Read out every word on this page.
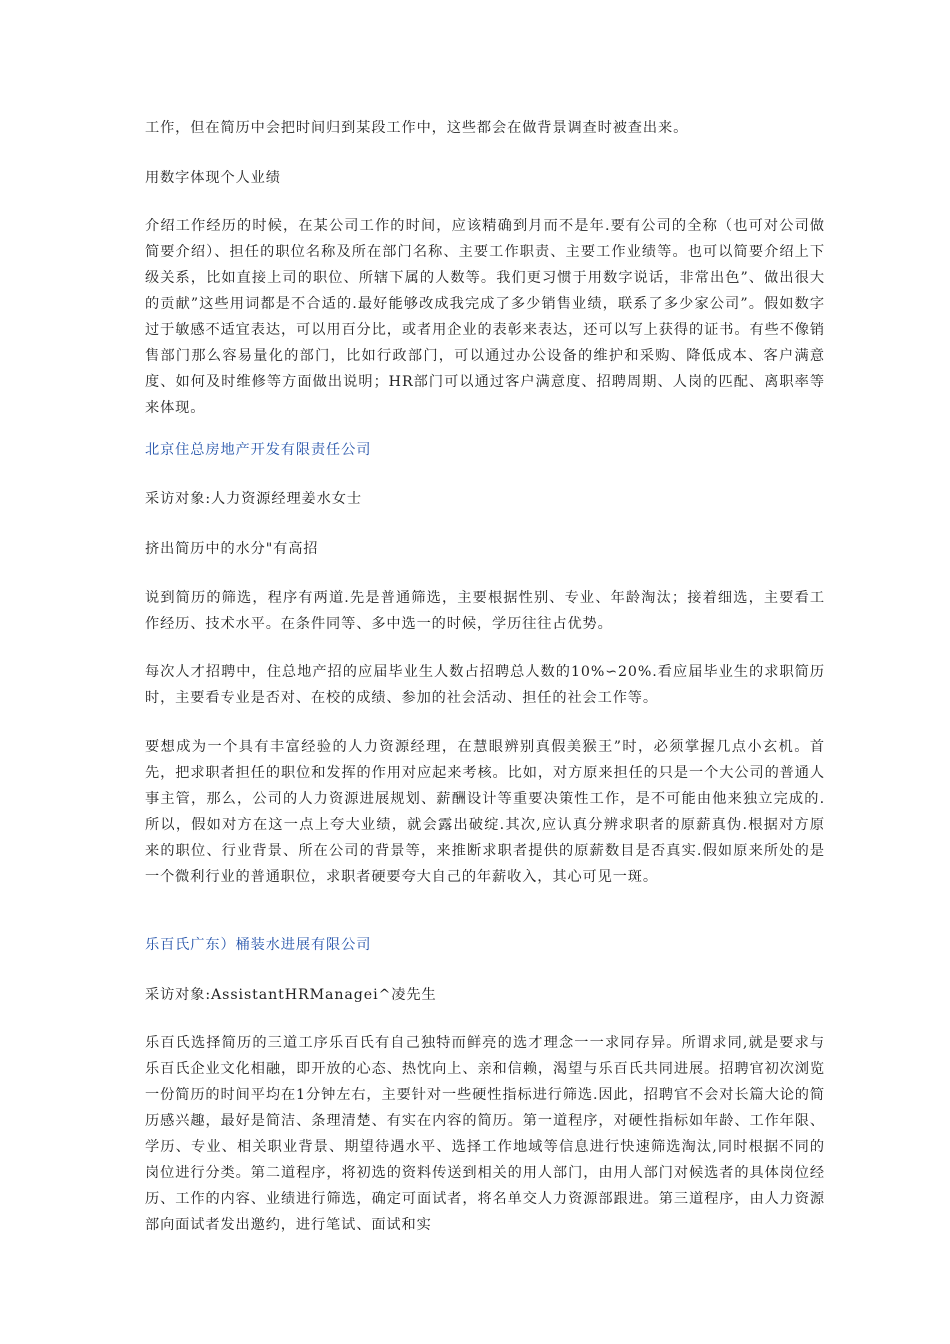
工作，但在简历中会把时间归到某段工作中，这些都会在做背景调查时被查出来。

用数字体现个人业绩

介绍工作经历的时候，在某公司工作的时间，应该精确到月而不是年.要有公司的全称（也可对公司做简要介绍）、担任的职位名称及所在部门名称、主要工作职责、主要工作业绩等。也可以简要介绍上下级关系，比如直接上司的职位、所辖下属的人数等。我们更习惯于用数字说话，非常出色”、做出很大的贡献”这些用词都是不合适的.最好能够改成我完成了多少销售业绩，联系了多少家公司”。假如数字过于敏感不适宜表达，可以用百分比，或者用企业的表彰来表达，还可以写上获得的证书。有些不像销售部门那么容易量化的部门，比如行政部门，可以通过办公设备的维护和采购、降低成本、客户满意度、如何及时维修等方面做出说明；HR部门可以通过客户满意度、招聘周期、人岗的匹配、离职率等来体现。

北京住总房地产开发有限责任公司

采访对象:人力资源经理姜水女士

挤出简历中的水分"有高招

说到简历的筛选，程序有两道.先是普通筛选，主要根据性别、专业、年龄淘汰；接着细选，主要看工作经历、技术水平。在条件同等、多中选一的时候，学历往往占优势。

每次人才招聘中，住总地产招的应届毕业生人数占招聘总人数的10%∽20%.看应届毕业生的求职简历时，主要看专业是否对、在校的成绩、参加的社会活动、担任的社会工作等。

要想成为一个具有丰富经验的人力资源经理，在慧眼辨别真假美猴王”时，必须掌握几点小玄机。首先，把求职者担任的职位和发挥的作用对应起来考核。比如，对方原来担任的只是一个大公司的普通人事主管，那么，公司的人力资源进展规划、薪酬设计等重要决策性工作，是不可能由他来独立完成的.所以，假如对方在这一点上夸大业绩，就会露出破绽.其次,应认真分辨求职者的原薪真伪.根据对方原来的职位、行业背景、所在公司的背景等，来推断求职者提供的原薪数目是否真实.假如原来所处的是一个微利行业的普通职位，求职者硬要夸大自己的年薪收入，其心可见一斑。

乐百氏广东）桶装水进展有限公司

采访对象:AssistantHRManagei^凌先生

乐百氏选择简历的三道工序乐百氏有自己独特而鲜亮的选才理念一一求同存异。所谓求同,就是要求与乐百氏企业文化相融，即开放的心态、热忱向上、亲和信赖，渴望与乐百氏共同进展。招聘官初次浏览一份简历的时间平均在1分钟左右，主要针对一些硬性指标进行筛选.因此，招聘官不会对长篇大论的简历感兴趣，最好是简洁、条理清楚、有实在内容的简历。第一道程序，对硬性指标如年龄、工作年限、学历、专业、相关职业背景、期望待遇水平、选择工作地域等信息进行快速筛选淘汰,同时根据不同的岗位进行分类。第二道程序，将初选的资料传送到相关的用人部门，由用人部门对候选者的具体岗位经历、工作的内容、业绩进行筛选，确定可面试者，将名单交人力资源部跟进。第三道程序，由人力资源部向面试者发出邀约，进行笔试、面试和实
